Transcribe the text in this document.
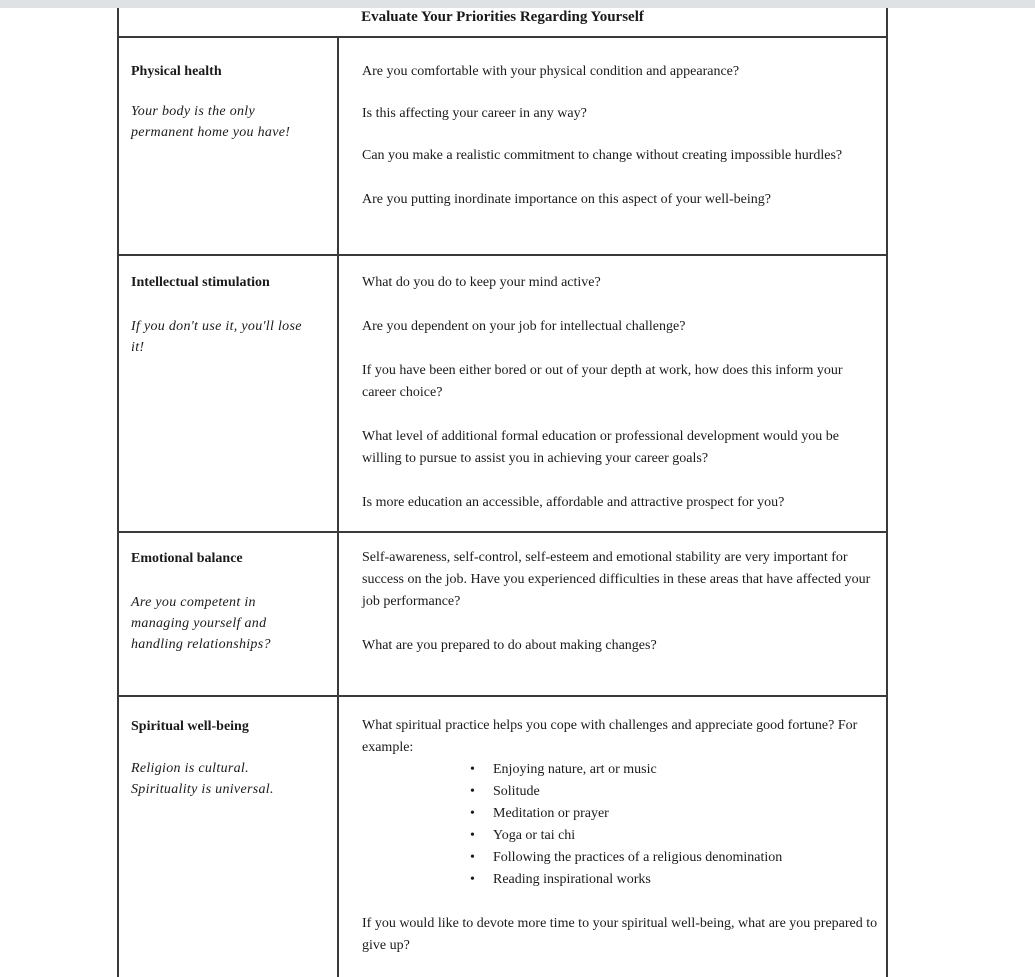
Evaluate Your Priorities Regarding Yourself

Physical health

Your body is the only permanent home you have!

Are you comfortable with your physical condition and appearance?

Is this affecting your career in any way?

Can you make a realistic commitment to change without creating impossible hurdles?

Are you putting inordinate importance on this aspect of your well-being?

Intellectual stimulation

If you don't use it, you'll lose it!

What do you do to keep your mind active?

Are you dependent on your job for intellectual challenge?

If you have been either bored or out of your depth at work, how does this inform your career choice?

What level of additional formal education or professional development would you be willing to pursue to assist you in achieving your career goals?

Is more education an accessible, affordable and attractive prospect for you?

Emotional balance

Are you competent in managing yourself and handling relationships?

Self-awareness, self-control, self-esteem and emotional stability are very important for success on the job. Have you experienced difficulties in these areas that have affected your job performance?

What are you prepared to do about making changes?

Spiritual well-being

Religion is cultural. Spirituality is universal.

What spiritual practice helps you cope with challenges and appreciate good fortune? For example:

• Enjoying nature, art or music
• Solitude
• Meditation or prayer
• Yoga or tai chi
• Following the practices of a religious denomination
• Reading inspirational works

If you would like to devote more time to your spiritual well-being, what are you prepared to give up?
